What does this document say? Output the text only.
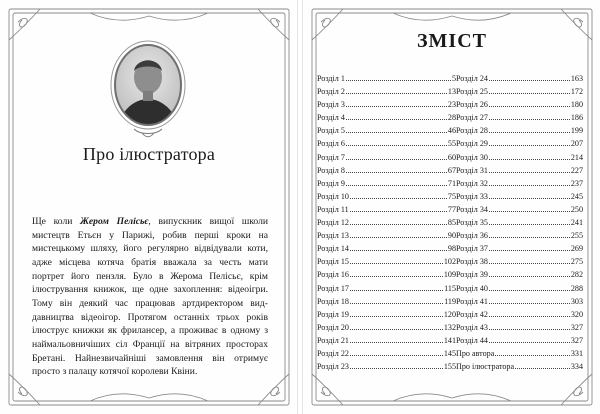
Про ілюстратора
Ще коли Жером Пелісьє, випускник вищої школи мистецтв Етьєн у Парижі, робив перші кроки на мистецькому шляху, його регулярно відвідували коти, адже місцева котяча братія вважала за честь мати портрет його пензля. Було в Жерома Пелісьє, крім ілюстрування книжок, ще одне захоплення: відеоігри. Тому він деякий час працював артдиректором виддавництва відеоігор. Протягом останніх трьох років ілюструє книжки як фрилансер, а проживає в одному з наймальовничіших сіл Франції на вітряних просторах Бретані. Найнезвичайніші замовлення він отримує просто з палацу котячої королеви Квіни.
ЗМІСТ
Розділ 1	5
Розділ 2	13
Розділ 3	23
Розділ 4	28
Розділ 5	46
Розділ 6	55
Розділ 7	60
Розділ 8	67
Розділ 9	71
Розділ 10	75
Розділ 11	77
Розділ 12	85
Розділ 13	90
Розділ 14	98
Розділ 15	102
Розділ 16	109
Розділ 17	115
Розділ 18	119
Розділ 19	120
Розділ 20	132
Розділ 21	141
Розділ 22	145
Розділ 23	155
Розділ 24	163
Розділ 25	172
Розділ 26	180
Розділ 27	186
Розділ 28	199
Розділ 29	207
Розділ 30	214
Розділ 31	227
Розділ 32	237
Розділ 33	245
Розділ 34	250
Розділ 35	241
Розділ 36	255
Розділ 37	269
Розділ 38	275
Розділ 39	282
Розділ 40	288
Розділ 41	303
Розділ 42	320
Розділ 43	327
Розділ 44	327
Про автора	331
Про ілюстратора	334
